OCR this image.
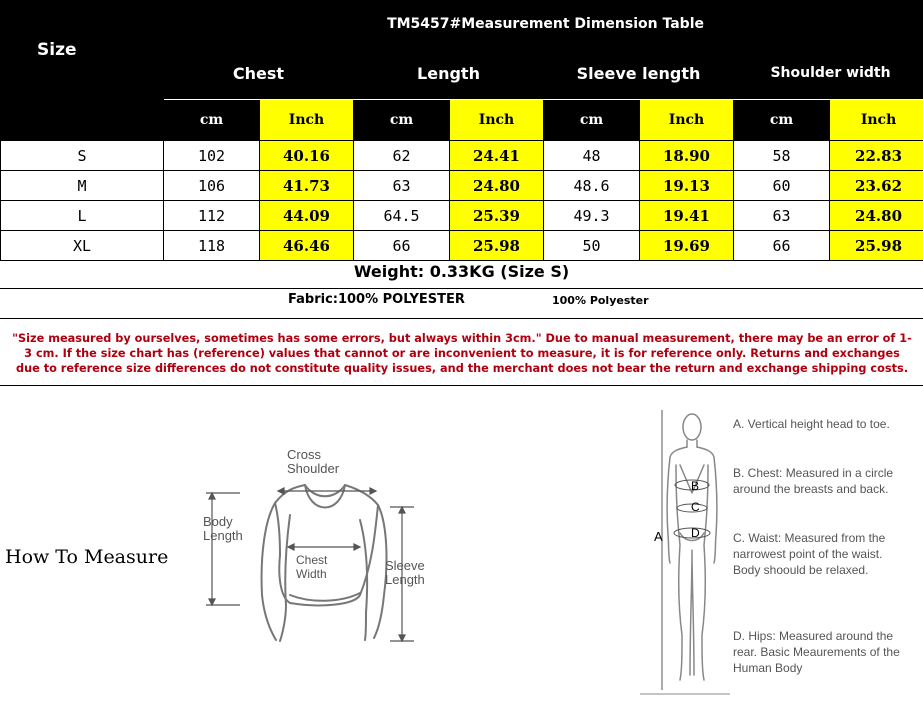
Size	TM5457#Measurement Dimension Table							
	Chest		Length		Sleeve length		Shoulder width	
	cm	Inch	cm	Inch	cm	Inch	cm	Inch
S	102	40.16	62	24.41	48	18.90	58	22.83
M	106	41.73	63	24.80	48.6	19.13	60	23.62
L	112	44.09	64.5	25.39	49.3	19.41	63	24.80
XL	118	46.46	66	25.98	50	19.69	66	25.98
Weight: 0.33KG (Size S)
Fabric:100% POLYESTER	100% Polyester
"Size measured by ourselves, sometimes has some errors, but always within 3cm." Due to manual measurement, there may be an error of 1-3 cm. If the size chart has (reference) values that cannot or are inconvenient to measure, it is for reference only. Returns and exchanges due to reference size differences do not constitute quality issues, and the merchant does not bear the return and exchange shipping costs.
How To Measure
Cross
Shoulder
Body
Length
Chest
Width
Sleeve
Length
A
B
C
D
A. Vertical height head to toe.
B. Chest: Measured in a circle around the breasts and back.
C. Waist: Measured from the narrowest point of the waist. Body shoould be relaxed.
D. Hips: Measured around the rear. Basic Meaurements of the Human Body
